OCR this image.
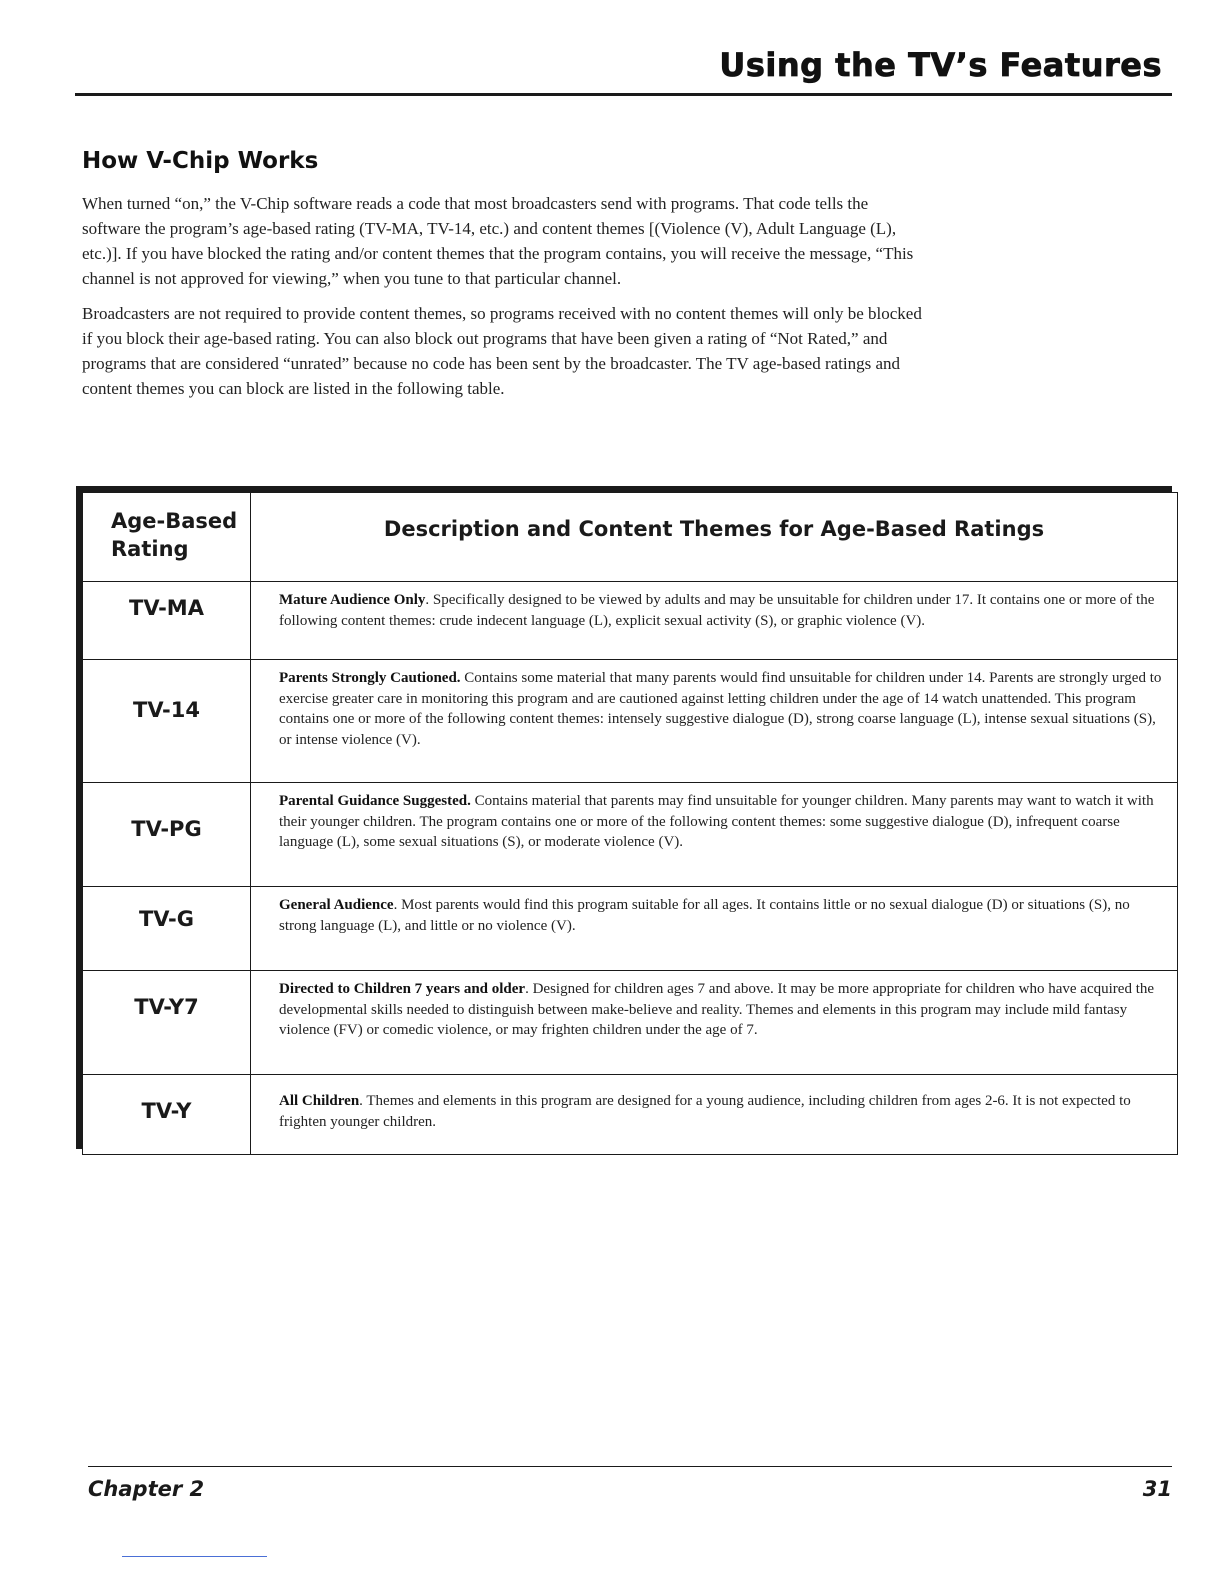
Using the TV’s Features
How V-Chip Works

When turned “on,” the V-Chip software reads a code that most broadcasters send with programs. That code tells the software the program’s age-based rating (TV-MA, TV-14, etc.) and content themes [(Violence (V), Adult Language (L), etc.)]. If you have blocked the rating and/or content themes that the program contains, you will receive the message, “This channel is not approved for viewing,” when you tune to that particular channel.

Broadcasters are not required to provide content themes, so programs received with no content themes will only be blocked if you block their age-based rating. You can also block out programs that have been given a rating of “Not Rated,” and programs that are considered “unrated” because no code has been sent by the broadcaster. The TV age-based ratings and content themes you can block are listed in the following table.

Age-Based Rating	Description and Content Themes for Age-Based Ratings
TV-MA	Mature Audience Only. Specifically designed to be viewed by adults and may be unsuitable for children under 17. It contains one or more of the following content themes: crude indecent language (L), explicit sexual activity (S), or graphic violence (V).
TV-14	Parents Strongly Cautioned. Contains some material that many parents would find unsuitable for children under 14. Parents are strongly urged to exercise greater care in monitoring this program and are cautioned against letting children under the age of 14 watch unattended. This program contains one or more of the following content themes: intensely suggestive dialogue (D), strong coarse language (L), intense sexual situations (S), or intense violence (V).
TV-PG	Parental Guidance Suggested. Contains material that parents may find unsuitable for younger children. Many parents may want to watch it with their younger children. The program contains one or more of the following content themes: some suggestive dialogue (D), infrequent coarse language (L), some sexual situations (S), or moderate violence (V).
TV-G	General Audience. Most parents would find this program suitable for all ages. It contains little or no sexual dialogue (D) or situations (S), no strong language (L), and little or no violence (V).
TV-Y7	Directed to Children 7 years and older. Designed for children ages 7 and above. It may be more appropriate for children who have acquired the developmental skills needed to distinguish between make-believe and reality. Themes and elements in this program may include mild fantasy violence (FV) or comedic violence, or may frighten children under the age of 7.
TV-Y	All Children. Themes and elements in this program are designed for a young audience, including children from ages 2-6. It is not expected to frighten younger children.
Chapter 2	31
